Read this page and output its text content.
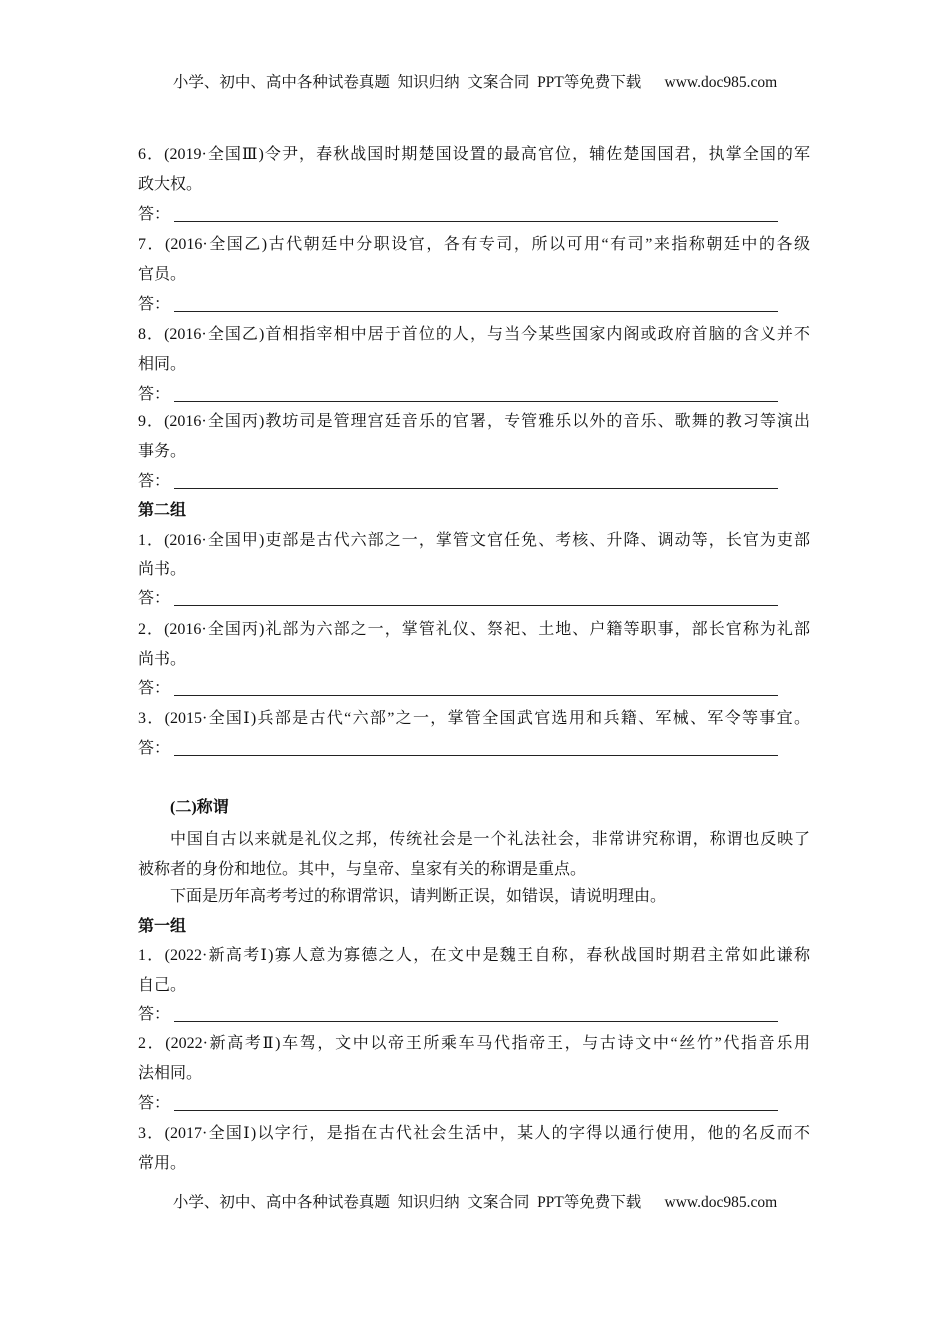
小学、初中、高中各种试卷真题  知识归纳  文案合同  PPT等免费下载      www.doc985.com
6．(2019·全国Ⅲ)令尹，春秋战国时期楚国设置的最高官位，辅佐楚国国君，执掌全国的军
政大权。
答：
7．(2016·全国乙)古代朝廷中分职设官，各有专司，所以可用“有司”来指称朝廷中的各级
官员。
答：
8．(2016·全国乙)首相指宰相中居于首位的人，与当今某些国家内阁或政府首脑的含义并不
相同。
答：
9．(2016·全国丙)教坊司是管理宫廷音乐的官署，专管雅乐以外的音乐、歌舞的教习等演出
事务。
答：
第二组
1．(2016·全国甲)吏部是古代六部之一，掌管文官任免、考核、升降、调动等，长官为吏部
尚书。
答：
2．(2016·全国丙)礼部为六部之一，掌管礼仪、祭祀、土地、户籍等职事，部长官称为礼部
尚书。
答：
3．(2015·全国Ⅰ)兵部是古代“六部”之一，掌管全国武官选用和兵籍、军械、军令等事宜。
答：
(二)称谓
中国自古以来就是礼仪之邦，传统社会是一个礼法社会，非常讲究称谓，称谓也反映了
被称者的身份和地位。其中，与皇帝、皇家有关的称谓是重点。
下面是历年高考考过的称谓常识，请判断正误，如错误，请说明理由。
第一组
1．(2022·新高考Ⅰ)寡人意为寡德之人，在文中是魏王自称，春秋战国时期君主常如此谦称
自己。
答：
2．(2022·新高考Ⅱ)车驾，文中以帝王所乘车马代指帝王，与古诗文中“丝竹”代指音乐用
法相同。
答：
3．(2017·全国Ⅰ)以字行，是指在古代社会生活中，某人的字得以通行使用，他的名反而不
常用。
小学、初中、高中各种试卷真题  知识归纳  文案合同  PPT等免费下载      www.doc985.com
